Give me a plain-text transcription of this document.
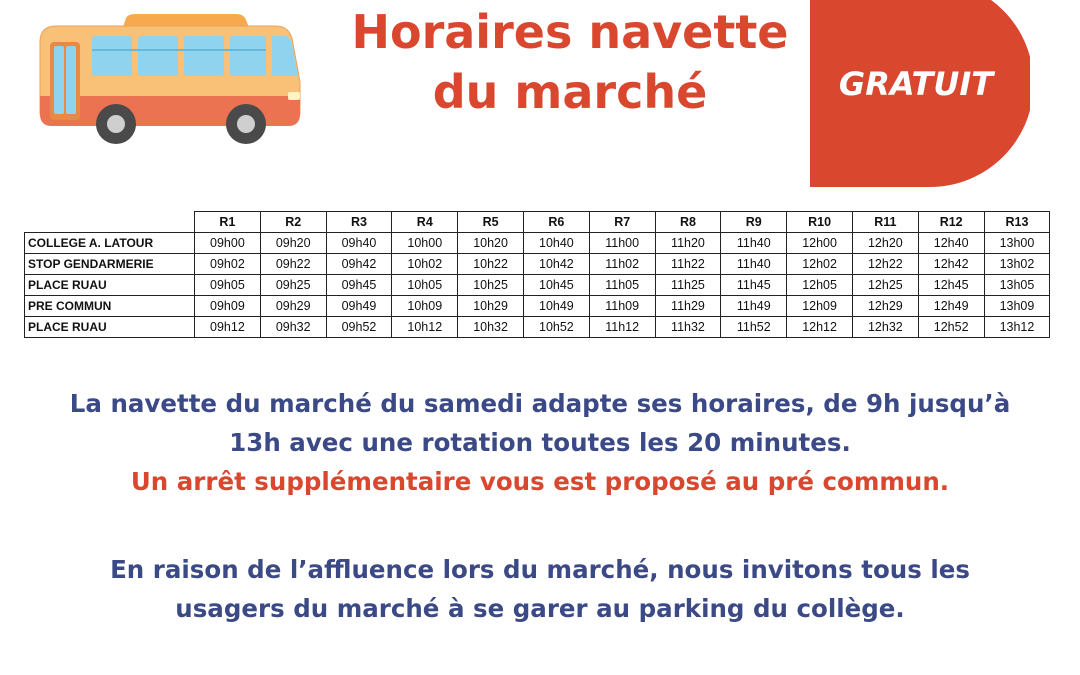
Horaires navette
du marché	GRATUIT
	R1	R2	R3	R4	R5	R6	R7	R8	R9	R10	R11	R12	R13
COLLEGE A. LATOUR	09h00	09h20	09h40	10h00	10h20	10h40	11h00	11h20	11h40	12h00	12h20	12h40	13h00
STOP GENDARMERIE	09h02	09h22	09h42	10h02	10h22	10h42	11h02	11h22	11h40	12h02	12h22	12h42	13h02
PLACE RUAU	09h05	09h25	09h45	10h05	10h25	10h45	11h05	11h25	11h45	12h05	12h25	12h45	13h05
PRE COMMUN	09h09	09h29	09h49	10h09	10h29	10h49	11h09	11h29	11h49	12h09	12h29	12h49	13h09
PLACE RUAU	09h12	09h32	09h52	10h12	10h32	10h52	11h12	11h32	11h52	12h12	12h32	12h52	13h12

La navette du marché du samedi adapte ses horaires, de 9h jusqu’à
13h avec une rotation toutes les 20 minutes.
Un arrêt supplémentaire vous est proposé au pré commun.

En raison de l’affluence lors du marché, nous invitons tous les
usagers du marché à se garer au parking du collège.
